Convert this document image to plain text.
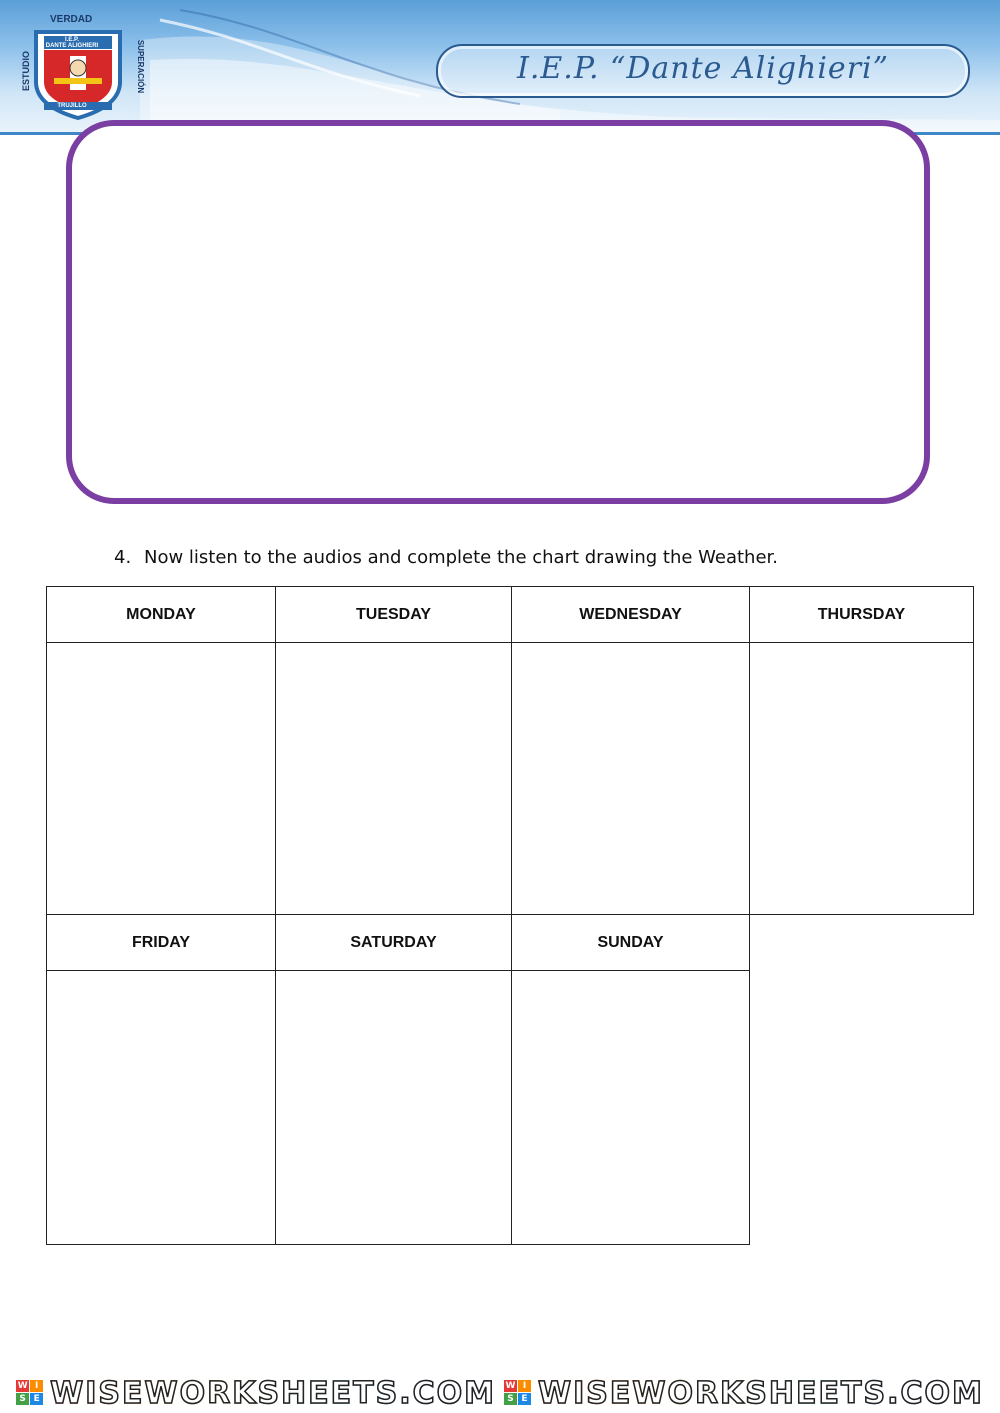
VERDAD
ESTUDIO	SUPERACIÓN
I.E.P.
DANTE ALIGHIERI
TRUJILLO
I.E.P. “Dante Alighieri”
4. Now listen to the audios and complete the chart drawing the Weather.
MONDAY	TUESDAY	WEDNESDAY	THURSDAY
FRIDAY	SATURDAY	SUNDAY
W I
S E WISEWORKSHEETS.COM W I
S E WISEWORKSHEETS.COM
